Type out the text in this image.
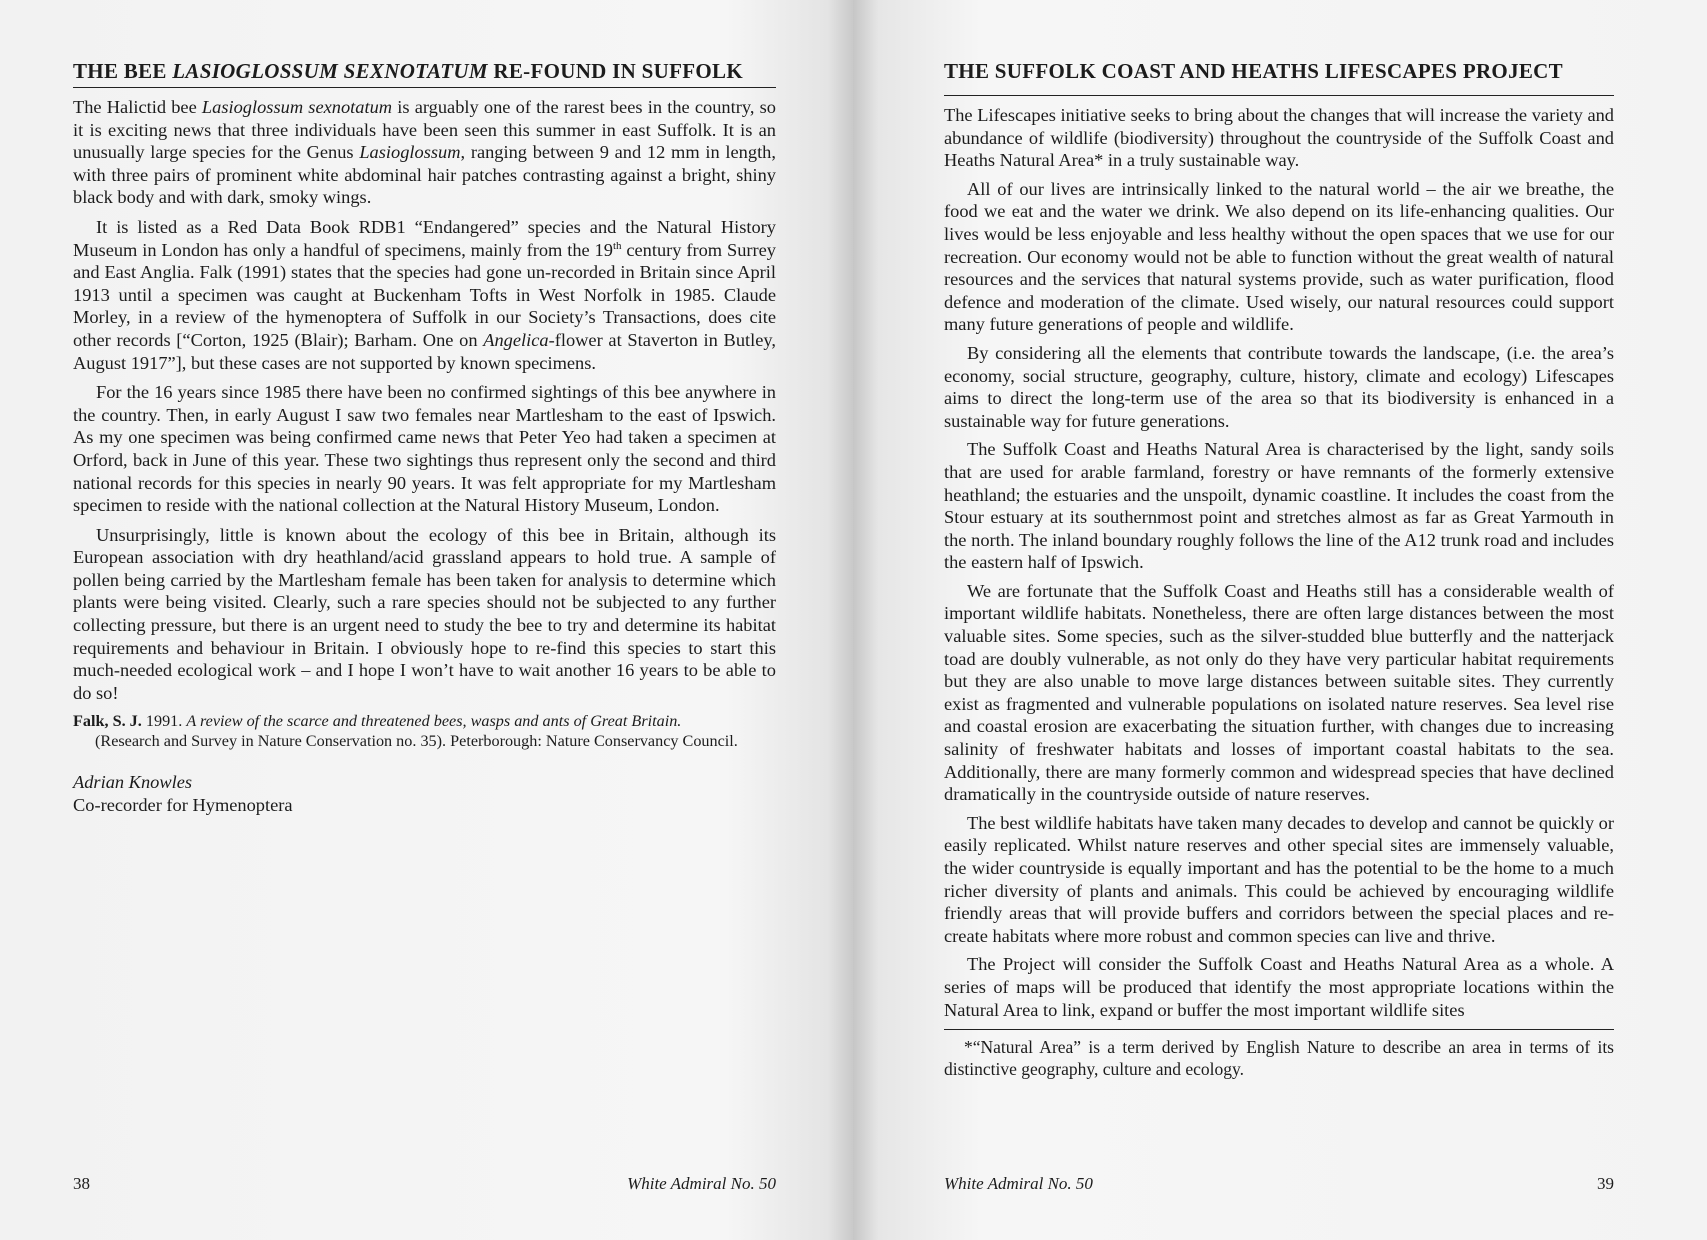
THE BEE LASIOGLOSSUM SEXNOTATUM RE-FOUND IN SUFFOLK

The Halictid bee Lasioglossum sexnotatum is arguably one of the rarest bees in the country, so it is exciting news that three individuals have been seen this summer in east Suffolk. It is an unusually large species for the Genus Lasioglossum, ranging between 9 and 12 mm in length, with three pairs of prominent white abdominal hair patches contrasting against a bright, shiny black body and with dark, smoky wings.

It is listed as a Red Data Book RDB1 “Endangered” species and the Natural History Museum in London has only a handful of specimens, mainly from the 19th century from Surrey and East Anglia. Falk (1991) states that the species had gone un-recorded in Britain since April 1913 until a specimen was caught at Buckenham Tofts in West Norfolk in 1985. Claude Morley, in a review of the hymenoptera of Suffolk in our Society’s Transactions, does cite other records [“Corton, 1925 (Blair); Barham. One on Angelica-flower at Staverton in Butley, August 1917”], but these cases are not supported by known specimens.

For the 16 years since 1985 there have been no confirmed sightings of this bee anywhere in the country. Then, in early August I saw two females near Martlesham to the east of Ipswich. As my one specimen was being confirmed came news that Peter Yeo had taken a specimen at Orford, back in June of this year. These two sightings thus represent only the second and third national records for this species in nearly 90 years. It was felt appropriate for my Martlesham specimen to reside with the national collection at the Natural History Museum, London.

Unsurprisingly, little is known about the ecology of this bee in Britain, although its European association with dry heathland/acid grassland appears to hold true. A sample of pollen being carried by the Martlesham female has been taken for analysis to determine which plants were being visited. Clearly, such a rare species should not be subjected to any further collecting pressure, but there is an urgent need to study the bee to try and determine its habitat requirements and behaviour in Britain. I obviously hope to re-find this species to start this much-needed ecological work – and I hope I won’t have to wait another 16 years to be able to do so!

Falk, S. J. 1991. A review of the scarce and threatened bees, wasps and ants of Great Britain.
(Research and Survey in Nature Conservation no. 35). Peterborough: Nature Conservancy Council.

Adrian Knowles
Co-recorder for Hymenoptera
38	White Admiral No. 50
THE SUFFOLK COAST AND HEATHS LIFESCAPES PROJECT

The Lifescapes initiative seeks to bring about the changes that will increase the variety and abundance of wildlife (biodiversity) throughout the countryside of the Suffolk Coast and Heaths Natural Area* in a truly sustainable way.

All of our lives are intrinsically linked to the natural world – the air we breathe, the food we eat and the water we drink. We also depend on its life-enhancing qualities. Our lives would be less enjoyable and less healthy without the open spaces that we use for our recreation. Our economy would not be able to function without the great wealth of natural resources and the services that natural systems provide, such as water purification, flood defence and moderation of the climate. Used wisely, our natural resources could support many future generations of people and wildlife.

By considering all the elements that contribute towards the landscape, (i.e. the area’s economy, social structure, geography, culture, history, climate and ecology) Lifescapes aims to direct the long-term use of the area so that its biodiversity is enhanced in a sustainable way for future generations.

The Suffolk Coast and Heaths Natural Area is characterised by the light, sandy soils that are used for arable farmland, forestry or have remnants of the formerly extensive heathland; the estuaries and the unspoilt, dynamic coastline. It includes the coast from the Stour estuary at its southernmost point and stretches almost as far as Great Yarmouth in the north. The inland boundary roughly follows the line of the A12 trunk road and includes the eastern half of Ipswich.

We are fortunate that the Suffolk Coast and Heaths still has a considerable wealth of important wildlife habitats. Nonetheless, there are often large distances between the most valuable sites. Some species, such as the silver-studded blue butterfly and the natterjack toad are doubly vulnerable, as not only do they have very particular habitat requirements but they are also unable to move large distances between suitable sites. They currently exist as fragmented and vulnerable populations on isolated nature reserves. Sea level rise and coastal erosion are exacerbating the situation further, with changes due to increasing salinity of freshwater habitats and losses of important coastal habitats to the sea. Additionally, there are many formerly common and widespread species that have declined dramatically in the countryside outside of nature reserves.

The best wildlife habitats have taken many decades to develop and cannot be quickly or easily replicated. Whilst nature reserves and other special sites are immensely valuable, the wider countryside is equally important and has the potential to be the home to a much richer diversity of plants and animals. This could be achieved by encouraging wildlife friendly areas that will provide buffers and corridors between the special places and re-create habitats where more robust and common species can live and thrive.

The Project will consider the Suffolk Coast and Heaths Natural Area as a whole. A series of maps will be produced that identify the most appropriate locations within the Natural Area to link, expand or buffer the most important wildlife sites

*“Natural Area” is a term derived by English Nature to describe an area in terms of its distinctive geography, culture and ecology.

White Admiral No. 50	39
